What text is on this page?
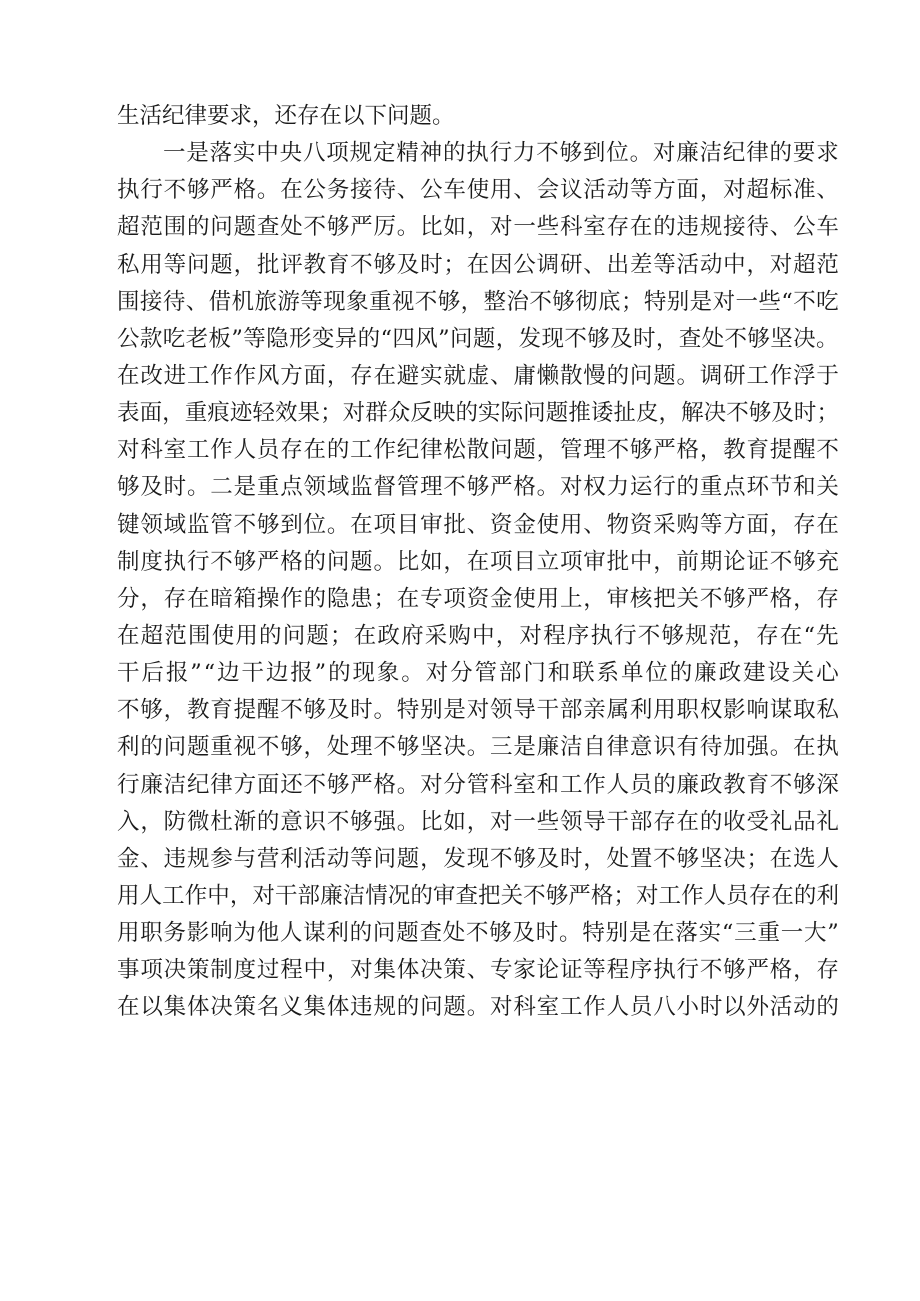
生活纪律要求，还存在以下问题。
一 是 落 实 中 央 八 项 规 定 精 神 的 执 行 力 不 够 到 位 。 对 廉 洁 纪 律 的 要 求
执 行 不 够 严 格 。 在 公 务 接 待 、 公 车 使 用 、 会 议 活 动 等 方 面 ， 对 超 标 准 、
超 范 围 的 问 题 查 处 不 够 严 厉 。 比 如 ， 对 一 些 科 室 存 在 的 违 规 接 待 、 公 车
私 用 等 问 题 ， 批 评 教 育 不 够 及 时 ； 在 因 公 调 研 、 出 差 等 活 动 中 ， 对 超 范
围 接 待 、 借 机 旅 游 等 现 象 重 视 不 够 ， 整 治 不 够 彻 底 ； 特 别 是 对 一 些 “ 不 吃
公 款 吃 老 板 ” 等 隐 形 变 异 的 “ 四 风 ” 问 题 ， 发 现 不 够 及 时 ， 查 处 不 够 坚 决 。
在 改 进 工 作 作 风 方 面 ， 存 在 避 实 就 虚 、 庸 懒 散 慢 的 问 题 。 调 研 工 作 浮 于
表 面 ， 重 痕 迹 轻 效 果 ； 对 群 众 反 映 的 实 际 问 题 推 诿 扯 皮 ， 解 决 不 够 及 时 ；
对 科 室 工 作 人 员 存 在 的 工 作 纪 律 松 散 问 题 ， 管 理 不 够 严 格 ， 教 育 提 醒 不
够 及 时 。 二 是 重 点 领 域 监 督 管 理 不 够 严 格 。 对 权 力 运 行 的 重 点 环 节 和 关
键 领 域 监 管 不 够 到 位 。 在 项 目 审 批 、 资 金 使 用 、 物 资 采 购 等 方 面 ， 存 在
制 度 执 行 不 够 严 格 的 问 题 。 比 如 ， 在 项 目 立 项 审 批 中 ， 前 期 论 证 不 够 充
分 ， 存 在 暗 箱 操 作 的 隐 患 ； 在 专 项 资 金 使 用 上 ， 审 核 把 关 不 够 严 格 ， 存
在 超 范 围 使 用 的 问 题 ； 在 政 府 采 购 中 ， 对 程 序 执 行 不 够 规 范 ， 存 在 “ 先
干 后 报 ” “ 边 干 边 报 ” 的 现 象 。 对 分 管 部 门 和 联 系 单 位 的 廉 政 建 设 关 心
不 够 ， 教 育 提 醒 不 够 及 时 。 特 别 是 对 领 导 干 部 亲 属 利 用 职 权 影 响 谋 取 私
利 的 问 题 重 视 不 够 ， 处 理 不 够 坚 决 。 三 是 廉 洁 自 律 意 识 有 待 加 强 。 在 执
行 廉 洁 纪 律 方 面 还 不 够 严 格 。 对 分 管 科 室 和 工 作 人 员 的 廉 政 教 育 不 够 深
入 ， 防 微 杜 渐 的 意 识 不 够 强 。 比 如 ， 对 一 些 领 导 干 部 存 在 的 收 受 礼 品 礼
金 、 违 规 参 与 营 利 活 动 等 问 题 ， 发 现 不 够 及 时 ， 处 置 不 够 坚 决 ； 在 选 人
用 人 工 作 中 ， 对 干 部 廉 洁 情 况 的 审 查 把 关 不 够 严 格 ； 对 工 作 人 员 存 在 的 利
用 职 务 影 响 为 他 人 谋 利 的 问 题 查 处 不 够 及 时 。 特 别 是 在 落 实 “ 三 重 一 大 ”
事 项 决 策 制 度 过 程 中 ， 对 集 体 决 策 、 专 家 论 证 等 程 序 执 行 不 够 严 格 ， 存
在 以 集 体 决 策 名 义 集 体 违 规 的 问 题 。 对 科 室 工 作 人 员 八 小 时 以 外 活 动 的
